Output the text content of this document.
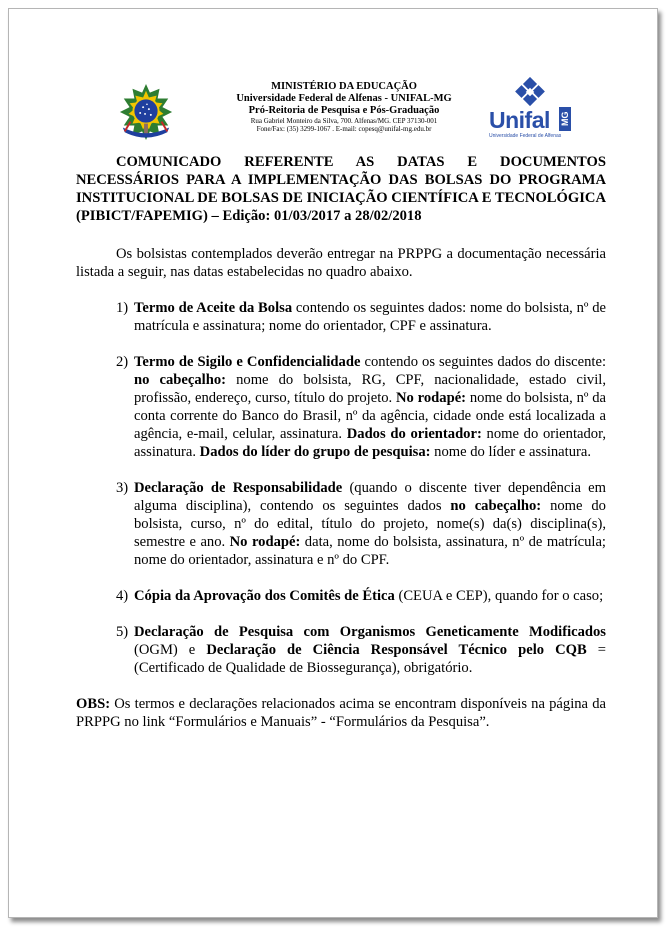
MINISTÉRIO DA EDUCAÇÃO
Universidade Federal de Alfenas - UNIFAL-MG
Pró-Reitoria de Pesquisa e Pós-Graduação
Rua Gabriel Monteiro da Silva, 700. Alfenas/MG. CEP 37130-001
Fone/Fax: (35) 3299-1067 . E-mail: copesq@unifal-mg.edu.br	Unifal MG
Universidade Federal de Alfenas

COMUNICADO REFERENTE AS DATAS E DOCUMENTOS NECESSÁRIOS PARA A IMPLEMENTAÇÃO DAS BOLSAS DO PROGRAMA INSTITUCIONAL DE BOLSAS DE INICIAÇÃO CIENTÍFICA E TECNOLÓGICA (PIBICT/FAPEMIG) – Edição: 01/03/2017 a 28/02/2018

Os bolsistas contemplados deverão entregar na PRPPG a documentação necessária listada a seguir, nas datas estabelecidas no quadro abaixo.

1) Termo de Aceite da Bolsa contendo os seguintes dados: nome do bolsista, nº de matrícula e assinatura; nome do orientador, CPF e assinatura.
2) Termo de Sigilo e Confidencialidade contendo os seguintes dados do discente: no cabeçalho: nome do bolsista, RG, CPF, nacionalidade, estado civil, profissão, endereço, curso, título do projeto. No rodapé: nome do bolsista, nº da conta corrente do Banco do Brasil, nº da agência, cidade onde está localizada a agência, e-mail, celular, assinatura. Dados do orientador: nome do orientador, assinatura. Dados do líder do grupo de pesquisa: nome do líder e assinatura.
3) Declaração de Responsabilidade (quando o discente tiver dependência em alguma disciplina), contendo os seguintes dados no cabeçalho: nome do bolsista, curso, nº do edital, título do projeto, nome(s) da(s) disciplina(s), semestre e ano. No rodapé: data, nome do bolsista, assinatura, nº de matrícula; nome do orientador, assinatura e nº do CPF.
4) Cópia da Aprovação dos Comitês de Ética (CEUA e CEP), quando for o caso;
5) Declaração de Pesquisa com Organismos Geneticamente Modificados (OGM) e Declaração de Ciência Responsável Técnico pelo CQB = (Certificado de Qualidade de Biossegurança), obrigatório.

OBS: Os termos e declarações relacionados acima se encontram disponíveis na página da PRPPG no link “Formulários e Manuais” - “Formulários da Pesquisa”.
